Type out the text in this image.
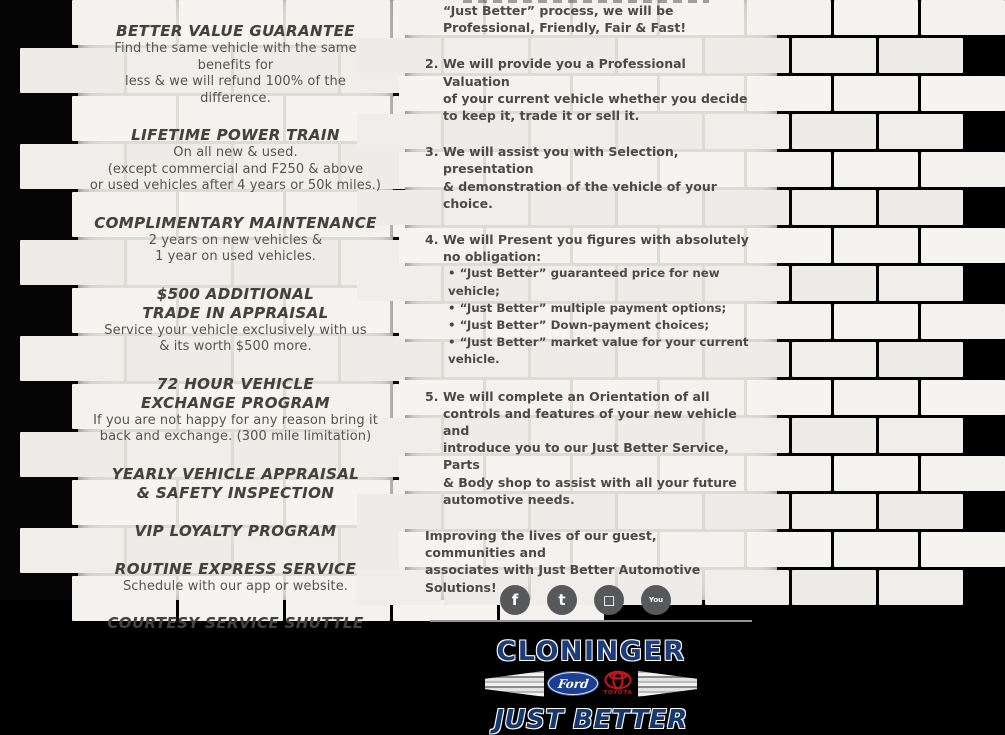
BETTER VALUE GUARANTEE
Find the same vehicle with the same benefits for
less & we will refund 100% of the difference.
LIFETIME POWER TRAIN
On all new & used.
(except commercial and F250 & above
or used vehicles after 4 years or 50k miles.)
COMPLIMENTARY MAINTENANCE
2 years on new vehicles &
1 year on used vehicles.
$500 ADDITIONAL
TRADE IN APPRAISAL
Service your vehicle exclusively with us
& its worth $500 more.
72 HOUR VEHICLE
EXCHANGE PROGRAM
If you are not happy for any reason bring it
back and exchange. (300 mile limitation)
YEARLY VEHICLE APPRAISAL
& SAFETY INSPECTION
VIP LOYALTY PROGRAM
ROUTINE EXPRESS SERVICE
Schedule with our app or website.
COURTESY SERVICE SHUTTLE
“Just Better” process, we will be
Professional, Friendly, Fair & Fast!
2. We will provide you a Professional Valuation
of your current vehicle whether you decide
to keep it, trade it or sell it.
3. We will assist you with Selection, presentation
& demonstration of the vehicle of your choice.
4. We will Present you figures with absolutely
no obligation:
• “Just Better” guaranteed price for new vehicle;
• “Just Better” multiple payment options;
• “Just Better” Down-payment choices;
• “Just Better” market value for your current vehicle.
5. We will complete an Orientation of all
controls and features of your new vehicle and
introduce you to our Just Better Service, Parts
& Body shop to assist with all your future
automotive needs.
Improving the lives of our guest, communities and
associates with Just Better Automotive Solutions!
CLONINGER
Ford
TOYOTA
JUST BETTER
f	t ◻	You
